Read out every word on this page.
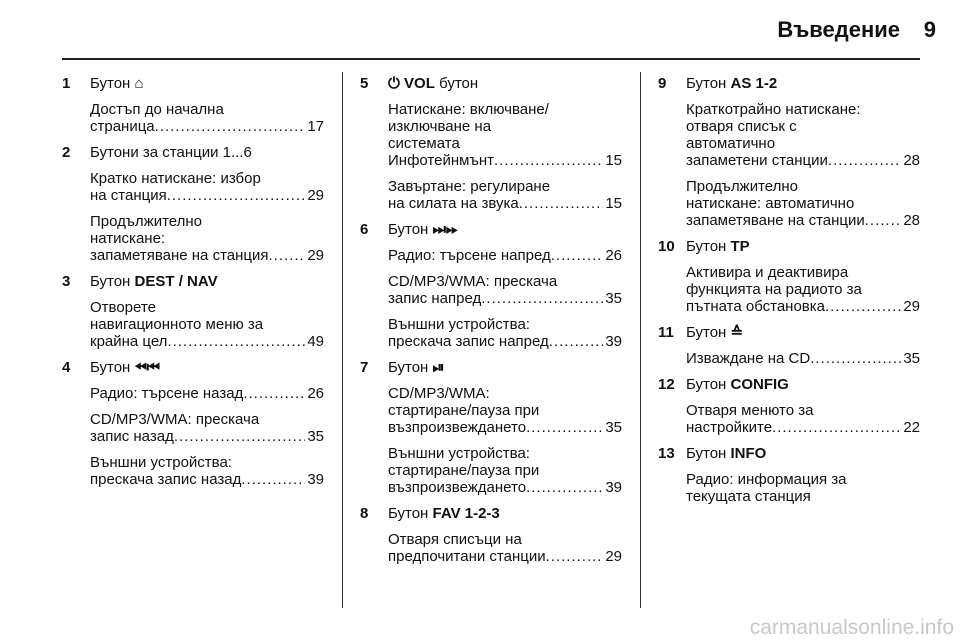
Въведение 9
1 Бутон ⌂
Достъп до начална
страница .....	17
2 Бутони за станции 1...6
Кратко натискане: избор
на станция .....	29
Продължително
натискане:
запаметяване на станция .....	29
3 Бутон DEST / NAV
Отворете
навигационното меню за
крайна цел .....	49
4 Бутон ⏪︎⏮︎
Радио: търсене назад .....	26
CD/MP3/WMA: прескача
запис назад .....	35
Външни устройства:
прескача запис назад .....	39
5 ⏻ VOL бутон
Натискане: включване/
изключване на
системата
Инфотейнмънт .....	15
Завъртане: регулиране
на силата на звука .....	15
6 Бутон ⏭︎⏩︎
Радио: търсене напред .....	26
CD/MP3/WMA: прескача
запис напред .....	35
Външни устройства:
прескача запис напред .....	39
7 Бутон ⏯︎
CD/MP3/WMA:
стартиране/пауза при
възпроизвеждането .....	35
Външни устройства:
стартиране/пауза при
възпроизвеждането .....	39
8 Бутон FAV 1-2-3
Отваря списъци на
предпочитани станции .....	29
9 Бутон AS 1-2
Краткотрайно натискане:
отваря списък с
автоматично
запаметени станции .....	28
Продължително
натискане: автоматично
запаметяване на станции .....	28
10 Бутон TP
Активира и деактивира
функцията на радиото за
пътната обстановка .....	29
11 Бутон ≙
Изваждане на CD .....	35
12 Бутон CONFIG
Отваря менюто за
настройките .....	22
13 Бутон INFO
Радио: информация за
текущата станция
carmanualsonline.info
